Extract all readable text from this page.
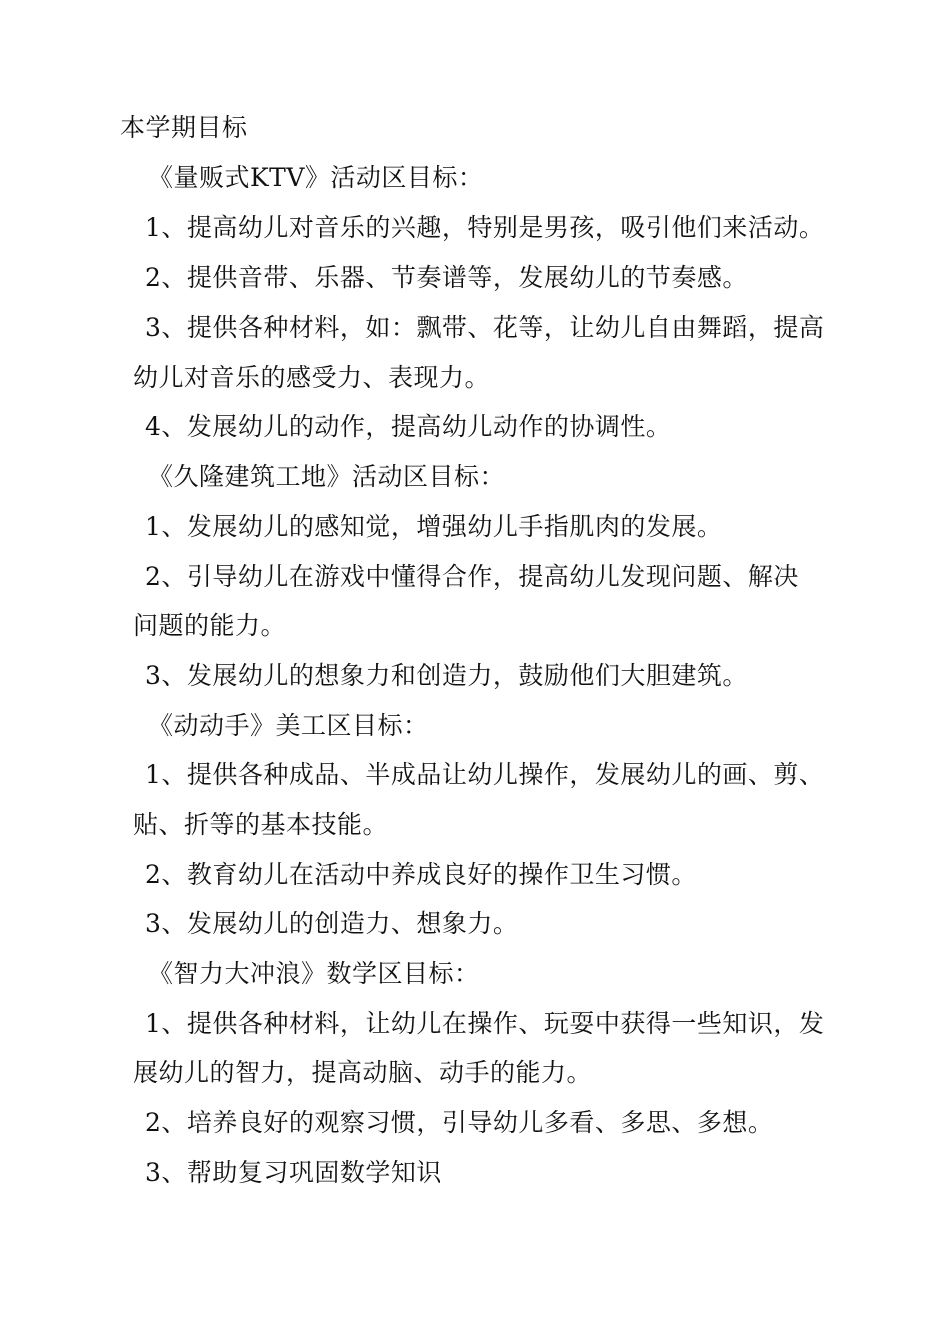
本学期目标
《量贩式KTV》活动区目标：
1、提高幼儿对音乐的兴趣，特别是男孩，吸引他们来活动。
2、提供音带、乐器、节奏谱等，发展幼儿的节奏感。
3、提供各种材料，如：飘带、花等，让幼儿自由舞蹈，提高
幼儿对音乐的感受力、表现力。
4、发展幼儿的动作，提高幼儿动作的协调性。
《久隆建筑工地》活动区目标：
1、发展幼儿的感知觉，增强幼儿手指肌肉的发展。
2、引导幼儿在游戏中懂得合作，提高幼儿发现问题、解决
问题的能力。
3、发展幼儿的想象力和创造力，鼓励他们大胆建筑。
《动动手》美工区目标：
1、提供各种成品、半成品让幼儿操作，发展幼儿的画、剪、
贴、折等的基本技能。
2、教育幼儿在活动中养成良好的操作卫生习惯。
3、发展幼儿的创造力、想象力。
《智力大冲浪》数学区目标：
1、提供各种材料，让幼儿在操作、玩耍中获得一些知识，发
展幼儿的智力，提高动脑、动手的能力。
2、培养良好的观察习惯，引导幼儿多看、多思、多想。
3、帮助复习巩固数学知识
